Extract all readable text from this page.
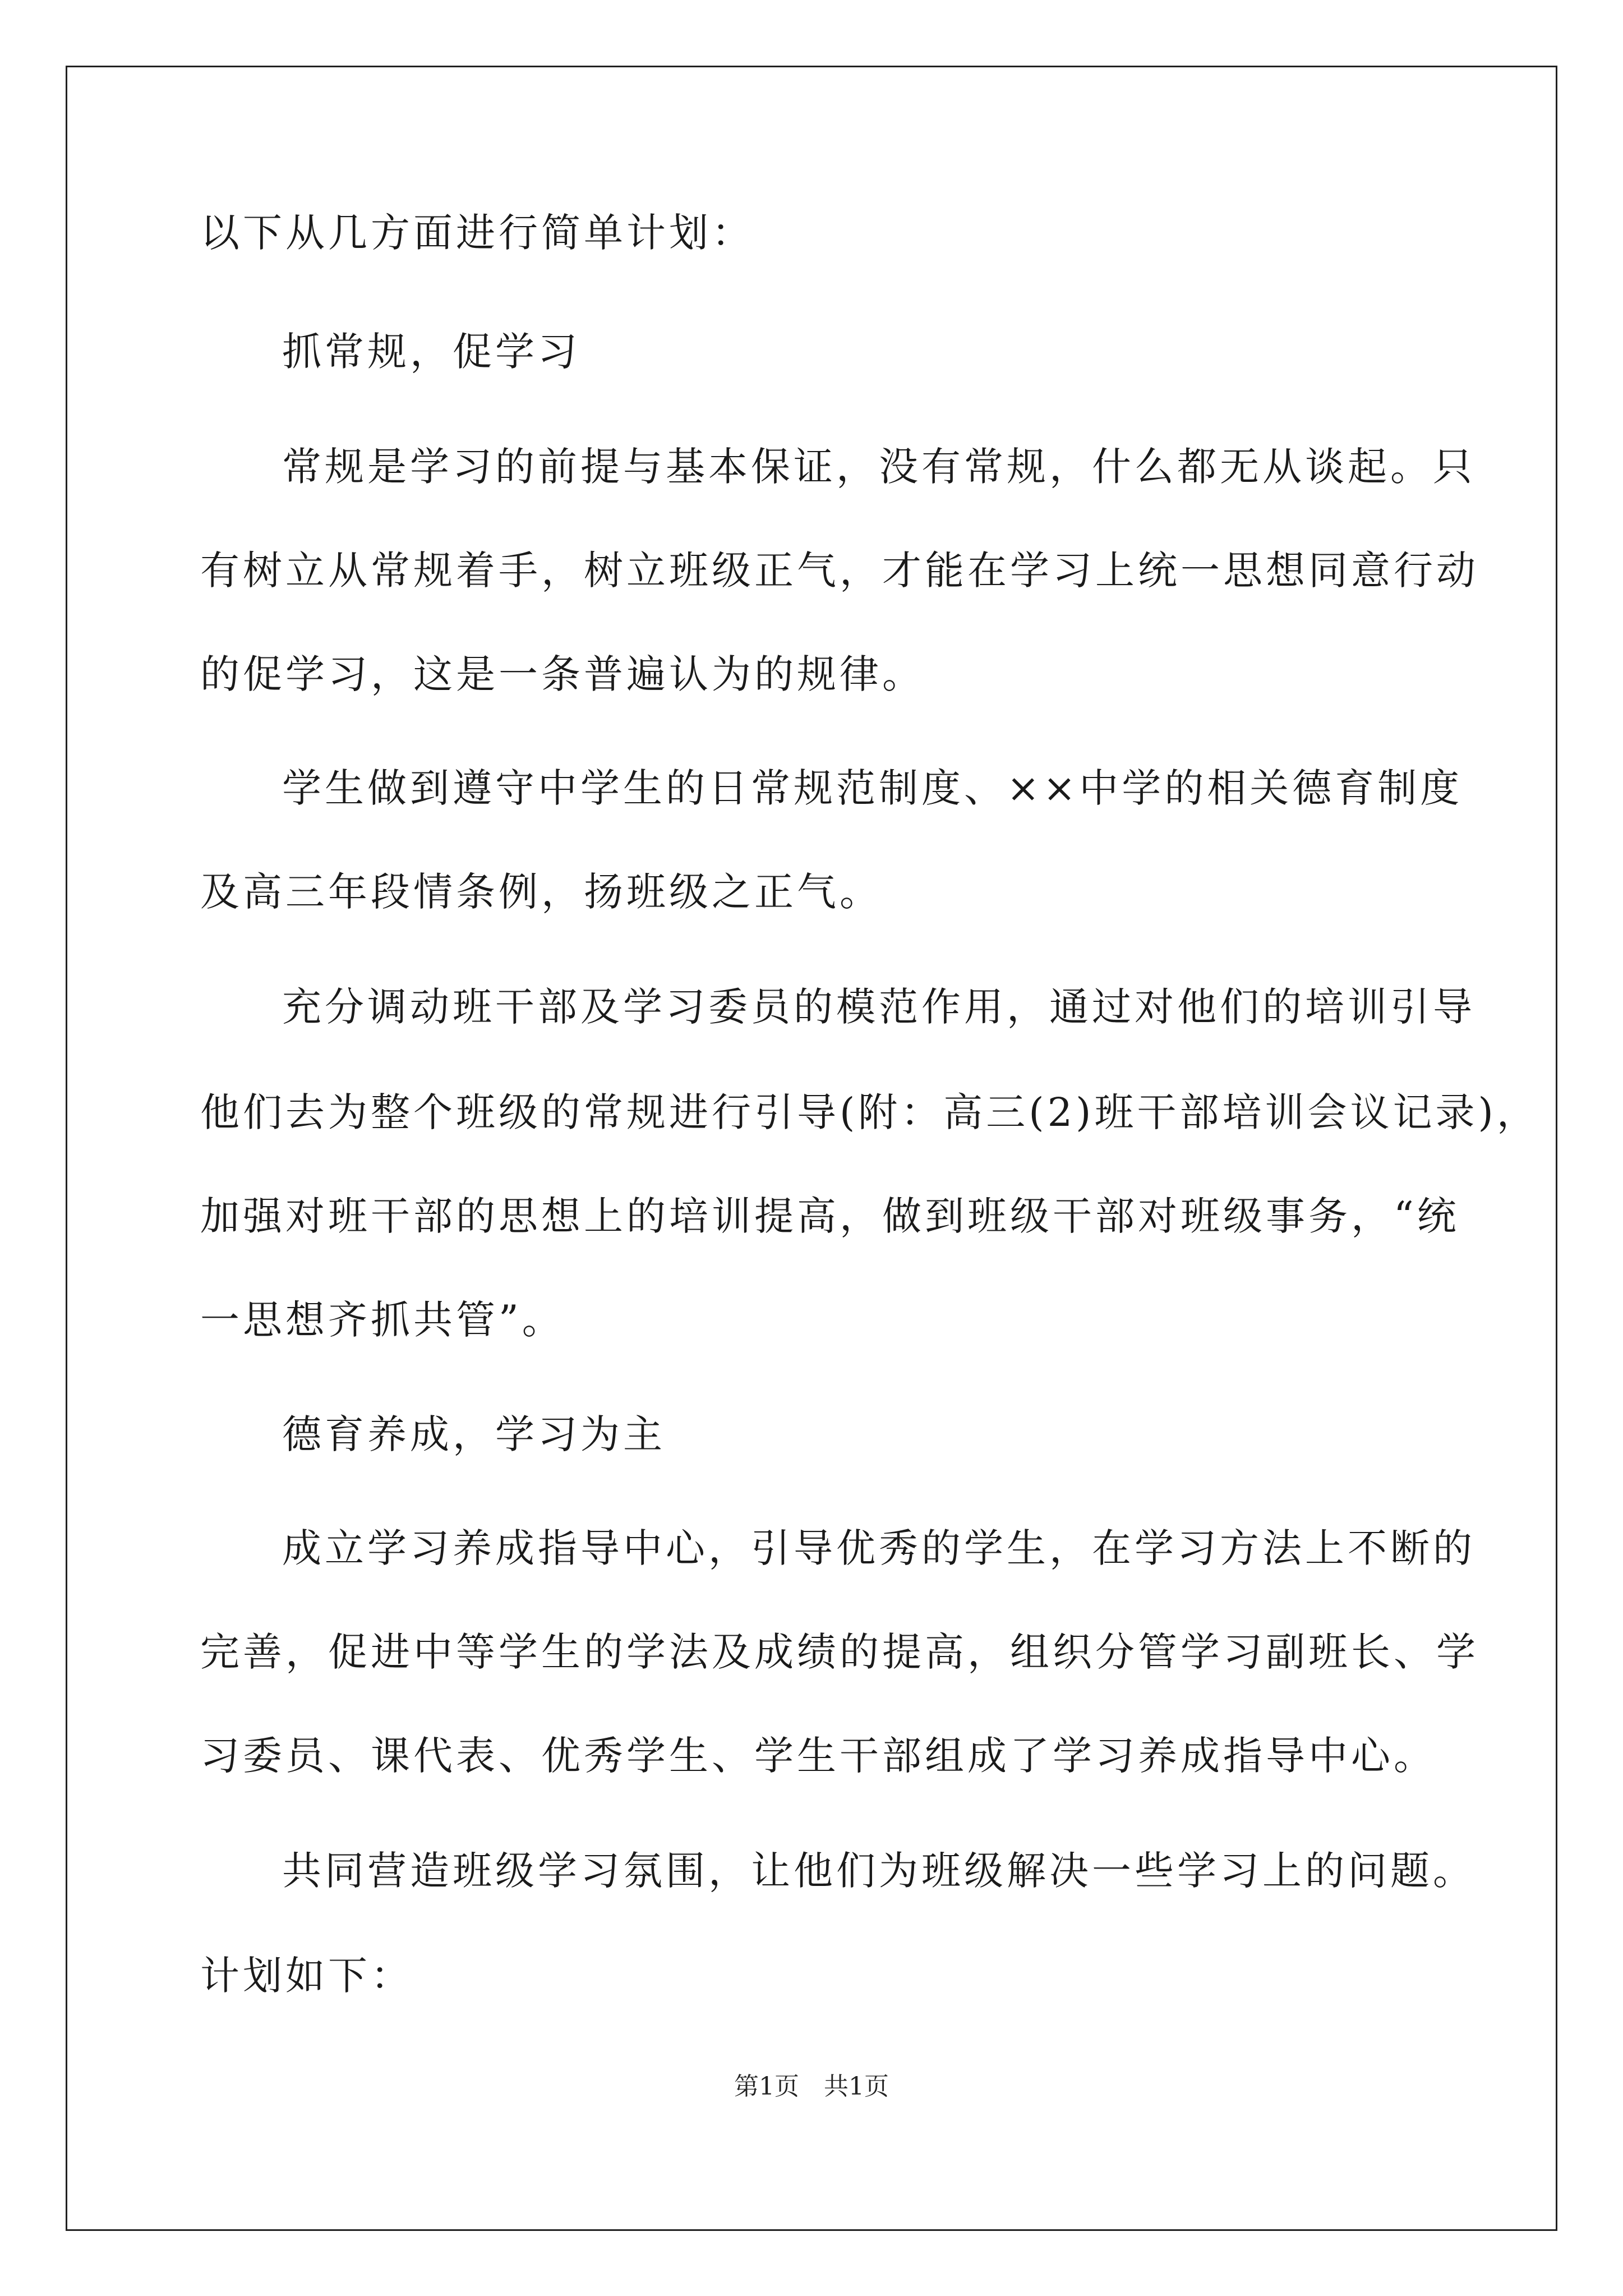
以下从几方面进行简单计划：
抓常规，促学习
常规是学习的前提与基本保证，没有常规，什么都无从谈起。只
有树立从常规着手，树立班级正气，才能在学习上统一思想同意行动
的促学习，这是一条普遍认为的规律。
学生做到遵守中学生的日常规范制度、××中学的相关德育制度
及高三年段情条例，扬班级之正气。
充分调动班干部及学习委员的模范作用，通过对他们的培训引导
他们去为整个班级的常规进行引导(附：高三(2)班干部培训会议记录)，
加强对班干部的思想上的培训提高，做到班级干部对班级事务，“统
一思想齐抓共管”。
德育养成，学习为主
成立学习养成指导中心，引导优秀的学生，在学习方法上不断的
完善，促进中等学生的学法及成绩的提高，组织分管学习副班长、学
习委员、课代表、优秀学生、学生干部组成了学习养成指导中心。
共同营造班级学习氛围，让他们为班级解决一些学习上的问题。
计划如下：
第1页　共1页
